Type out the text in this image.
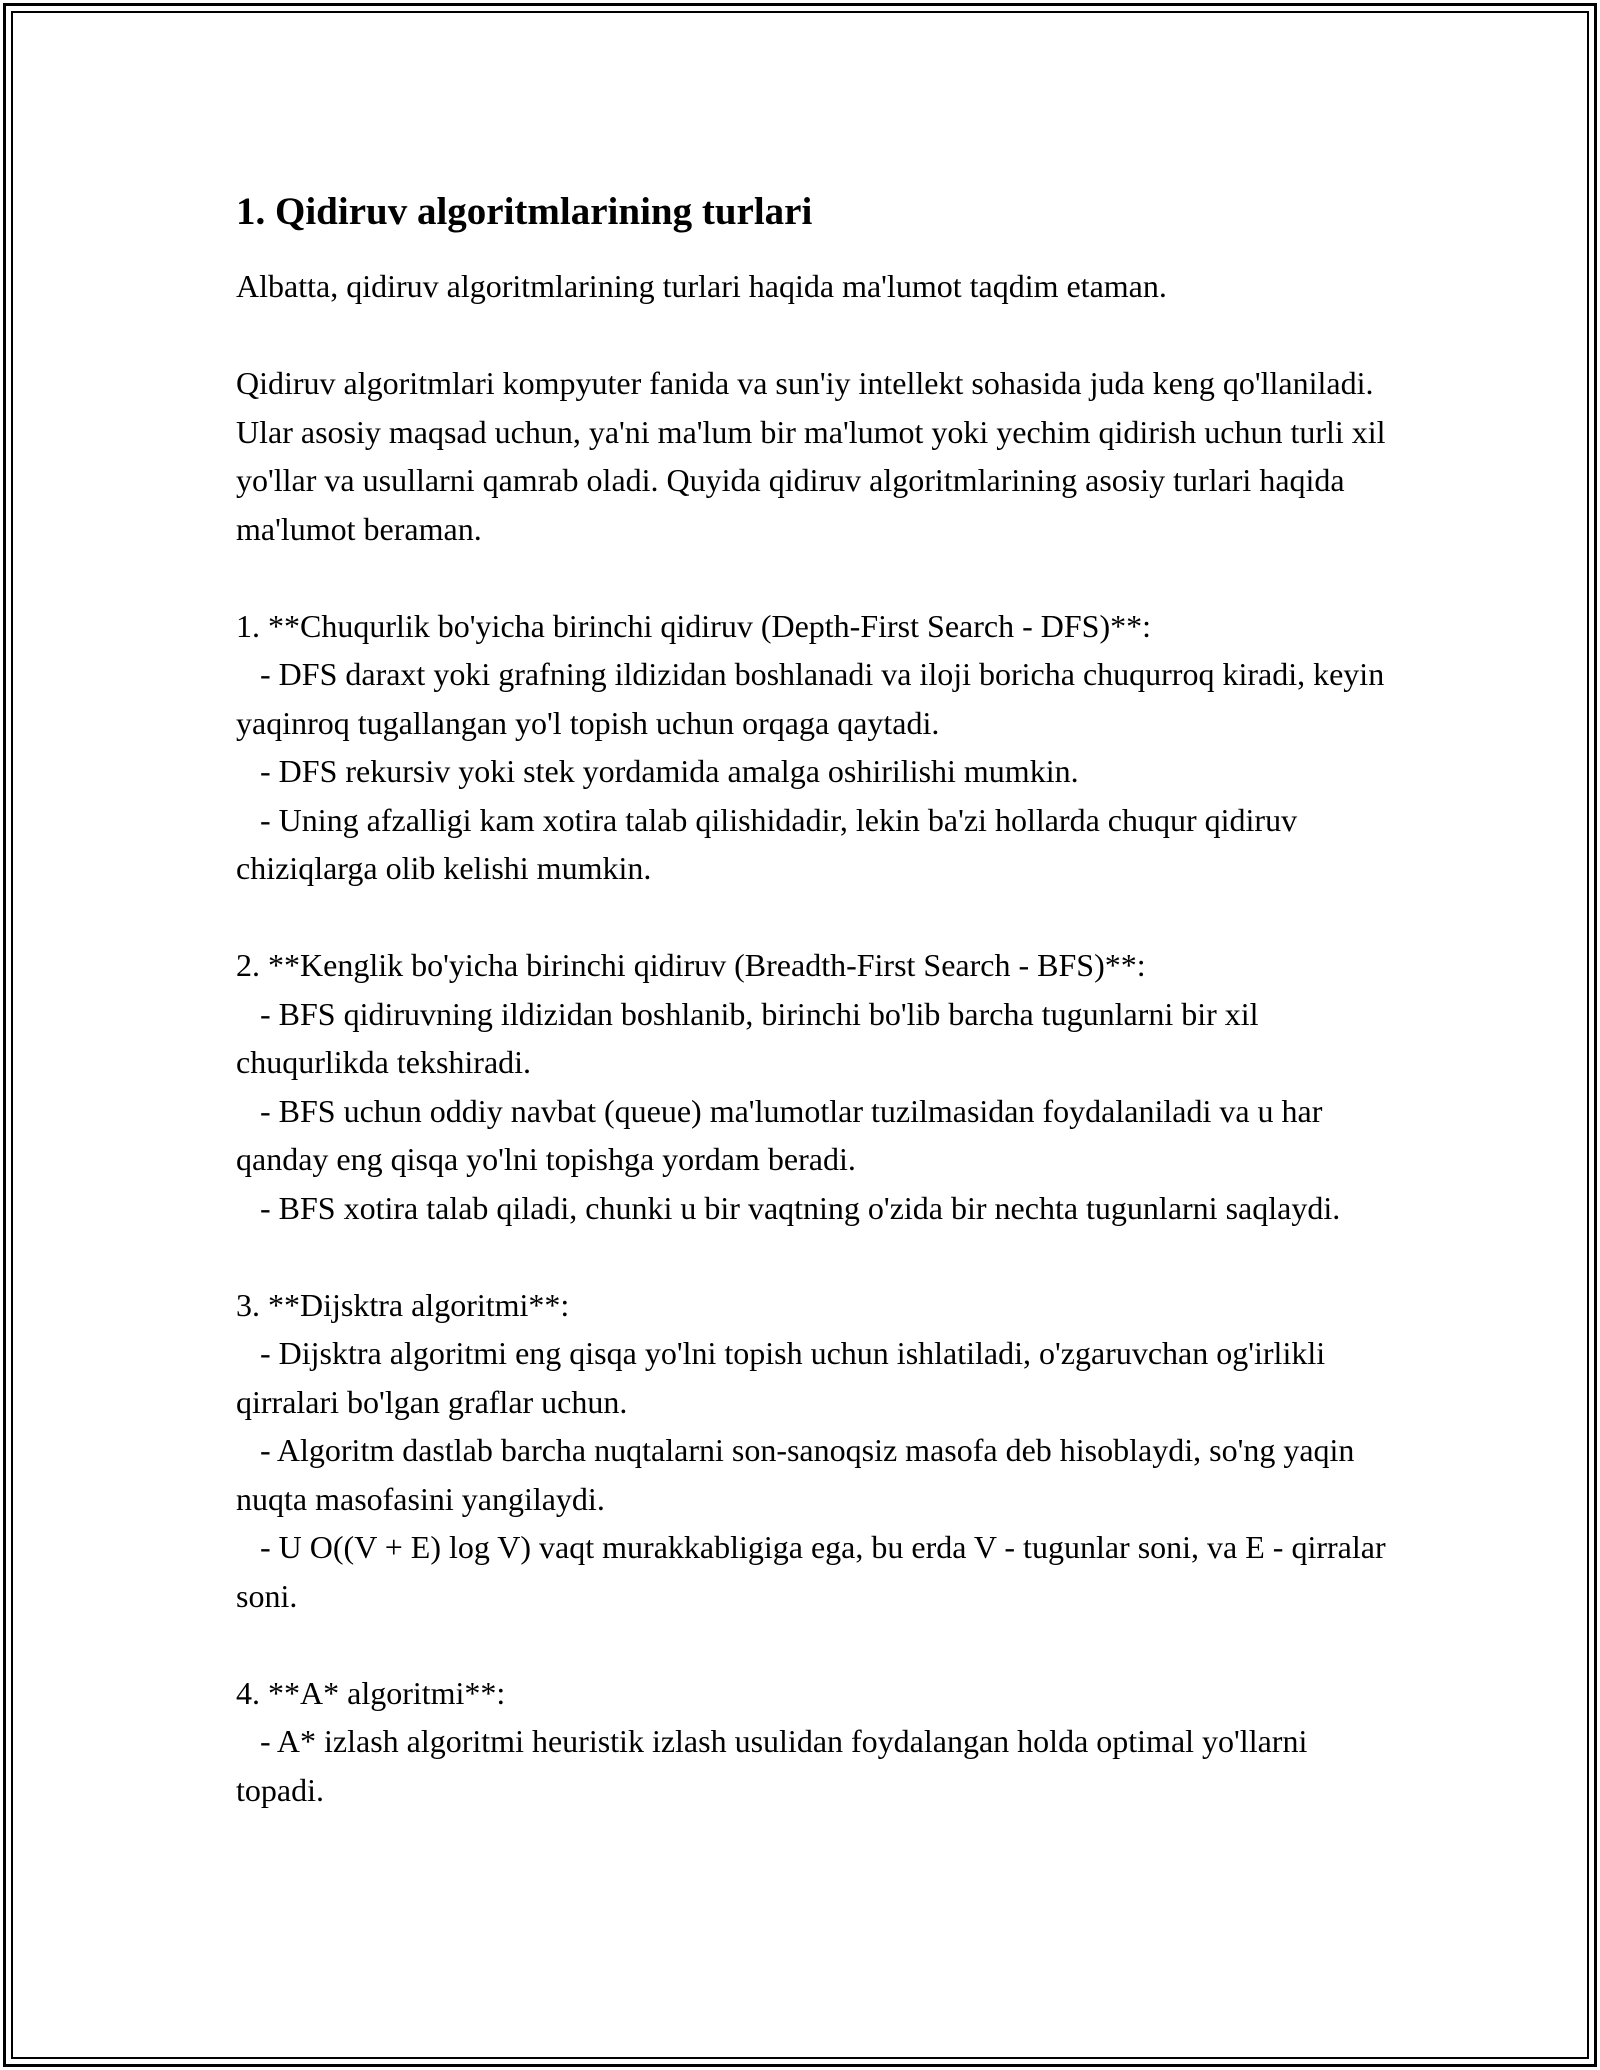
1. Qidiruv algoritmlarining turlari

Albatta, qidiruv algoritmlarining turlari haqida ma'lumot taqdim etaman.

Qidiruv algoritmlari kompyuter fanida va sun'iy intellekt sohasida juda keng qo'llaniladi. Ular asosiy maqsad uchun, ya'ni ma'lum bir ma'lumot yoki yechim qidirish uchun turli xil yo'llar va usullarni qamrab oladi. Quyida qidiruv algoritmlarining asosiy turlari haqida ma'lumot beraman.

1. **Chuqurlik bo'yicha birinchi qidiruv (Depth-First Search - DFS)**:

- DFS daraxt yoki grafning ildizidan boshlanadi va iloji boricha chuqurroq kiradi, keyin yaqinroq tugallangan yo'l topish uchun orqaga qaytadi.

- DFS rekursiv yoki stek yordamida amalga oshirilishi mumkin.

- Uning afzalligi kam xotira talab qilishidadir, lekin ba'zi hollarda chuqur qidiruv chiziqlarga olib kelishi mumkin.

2. **Kenglik bo'yicha birinchi qidiruv (Breadth-First Search - BFS)**:

- BFS qidiruvning ildizidan boshlanib, birinchi bo'lib barcha tugunlarni bir xil chuqurlikda tekshiradi.

- BFS uchun oddiy navbat (queue) ma'lumotlar tuzilmasidan foydalaniladi va u har qanday eng qisqa yo'lni topishga yordam beradi.

- BFS xotira talab qiladi, chunki u bir vaqtning o'zida bir nechta tugunlarni saqlaydi.

3. **Dijsktra algoritmi**:

- Dijsktra algoritmi eng qisqa yo'lni topish uchun ishlatiladi, o'zgaruvchan og'irlikli qirralari bo'lgan graflar uchun.

- Algoritm dastlab barcha nuqtalarni son-sanoqsiz masofa deb hisoblaydi, so'ng yaqin nuqta masofasini yangilaydi.

- U O((V + E) log V) vaqt murakkabligiga ega, bu erda V - tugunlar soni, va E - qirralar soni.

4. **A* algoritmi**:

- A* izlash algoritmi heuristik izlash usulidan foydalangan holda optimal yo'llarni topadi.
